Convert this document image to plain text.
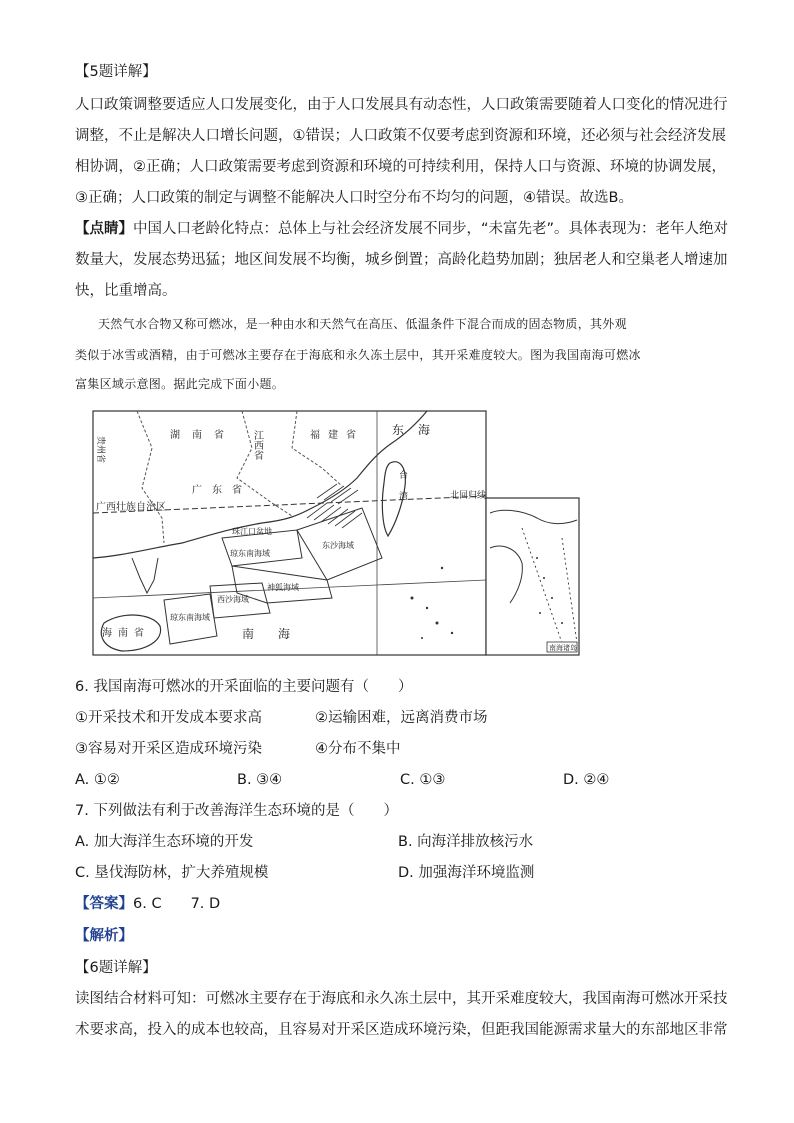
【5题详解】
人口政策调整要适应人口发展变化，由于人口发展具有动态性，人口政策需要随着人口变化的情况进行
调整，不止是解决人口增长问题，①错误；人口政策不仅要考虑到资源和环境，还必须与社会经济发展
相协调，②正确；人口政策需要考虑到资源和环境的可持续利用，保持人口与资源、环境的协调发展，
③正确；人口政策的制定与调整不能解决人口时空分布不均匀的问题，④错误。故选B。
【点睛】中国人口老龄化特点：总体上与社会经济发展不同步，“未富先老”。具体表现为：老年人绝对
数量大，发展态势迅猛；地区间发展不均衡，城乡倒置；高龄化趋势加剧；独居老人和空巢老人增速加
快，比重增高。
天然气水合物又称可燃冰，是一种由水和天然气在高压、低温条件下混合而成的固态物质，其外观
类似于冰雪或酒精，由于可燃冰主要存在于海底和永久冻土层中，其开采难度较大。图为我国南海可燃冰
富集区域示意图。据此完成下面小题。
贵州省
湖南省 江西省	福建省 东海
台湾	北回归线
广西壮族自治区
广东省
珠江口盆地
琼东南海域
东沙海域
神狐海域
西沙海域
琼东南海域
海南省	南海
南海诸岛
6. 我国南海可燃冰的开采面临的主要问题有（　　）
①开采技术和开发成本要求高	②运输困难，远离消费市场
③容易对开采区造成环境污染	④分布不集中
A. ①②	B. ③④	C. ①③	D. ②④
7. 下列做法有利于改善海洋生态环境的是（　　）
A. 加大海洋生态环境的开发	B. 向海洋排放核污水
C. 垦伐海防林，扩大养殖规模	D. 加强海洋环境监测
【答案】6. C　　7. D
【解析】
【6题详解】
读图结合材料可知：可燃冰主要存在于海底和永久冻土层中，其开采难度较大，我国南海可燃冰开采技
术要求高，投入的成本也较高，且容易对开采区造成环境污染，但距我国能源需求量大的东部地区非常
